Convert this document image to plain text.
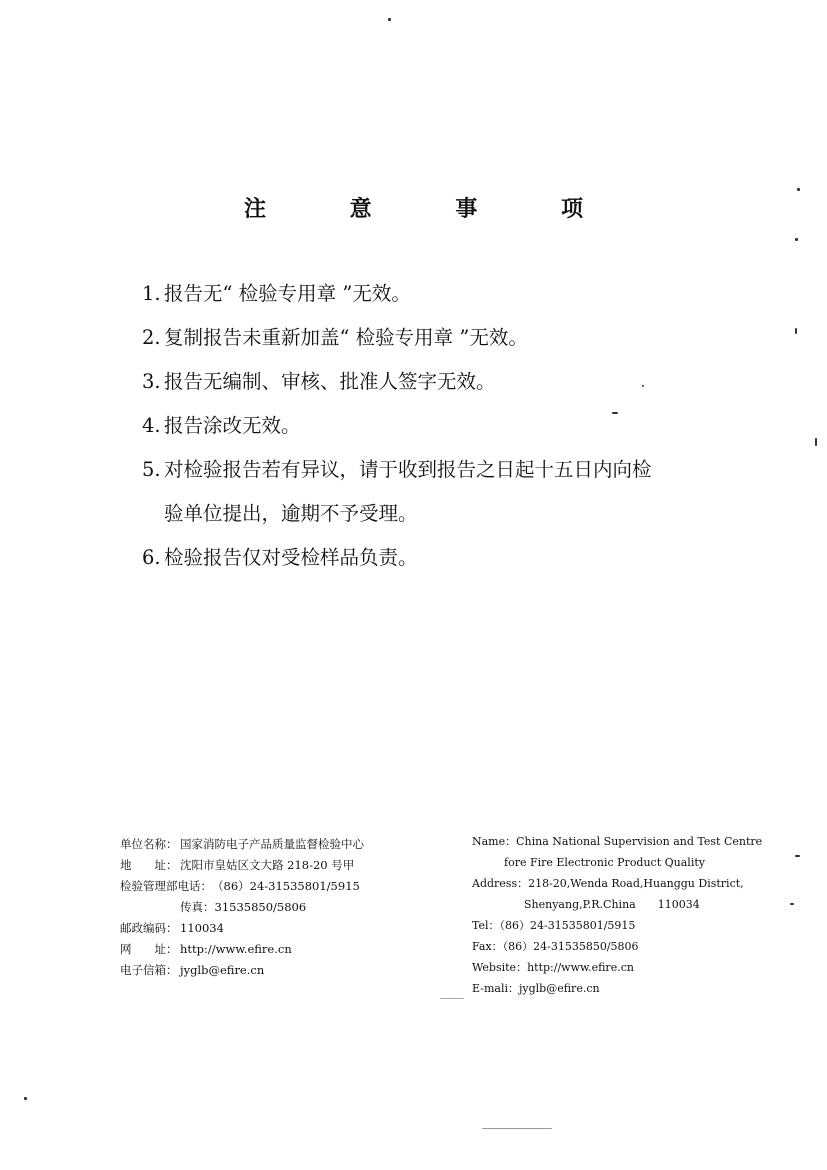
注 意 事 项
1. 报告无“ 检验专用章 ”无效。
2. 复制报告未重新加盖“ 检验专用章 ”无效。
3. 报告无编制、审核、批准人签字无效。
4. 报告涂改无效。
5. 对检验报告若有异议，请于收到报告之日起十五日内向检
验单位提出，逾期不予受理。
6. 检验报告仅对受检样品负责。
单位名称： 国家消防电子产品质量监督检验中心
地　　址： 沈阳市皇姑区文大路 218-20 号甲
检验管理部电话：（86）24-31535801/5915
传真：31535850/5806
邮政编码： 110034
网　　址： http://www.efire.cn
电子信箱： jyglb@efire.cn
Name：China National Supervision and Test Centre
fore Fire Electronic Product Quality
Address：218-20,Wenda Road,Huanggu District,
Shenyang,P.R.China 110034
Tel：（86）24-31535801/5915
Fax：（86）24-31535850/5806
Website：http://www.efire.cn
E-mali：jyglb@efire.cn
